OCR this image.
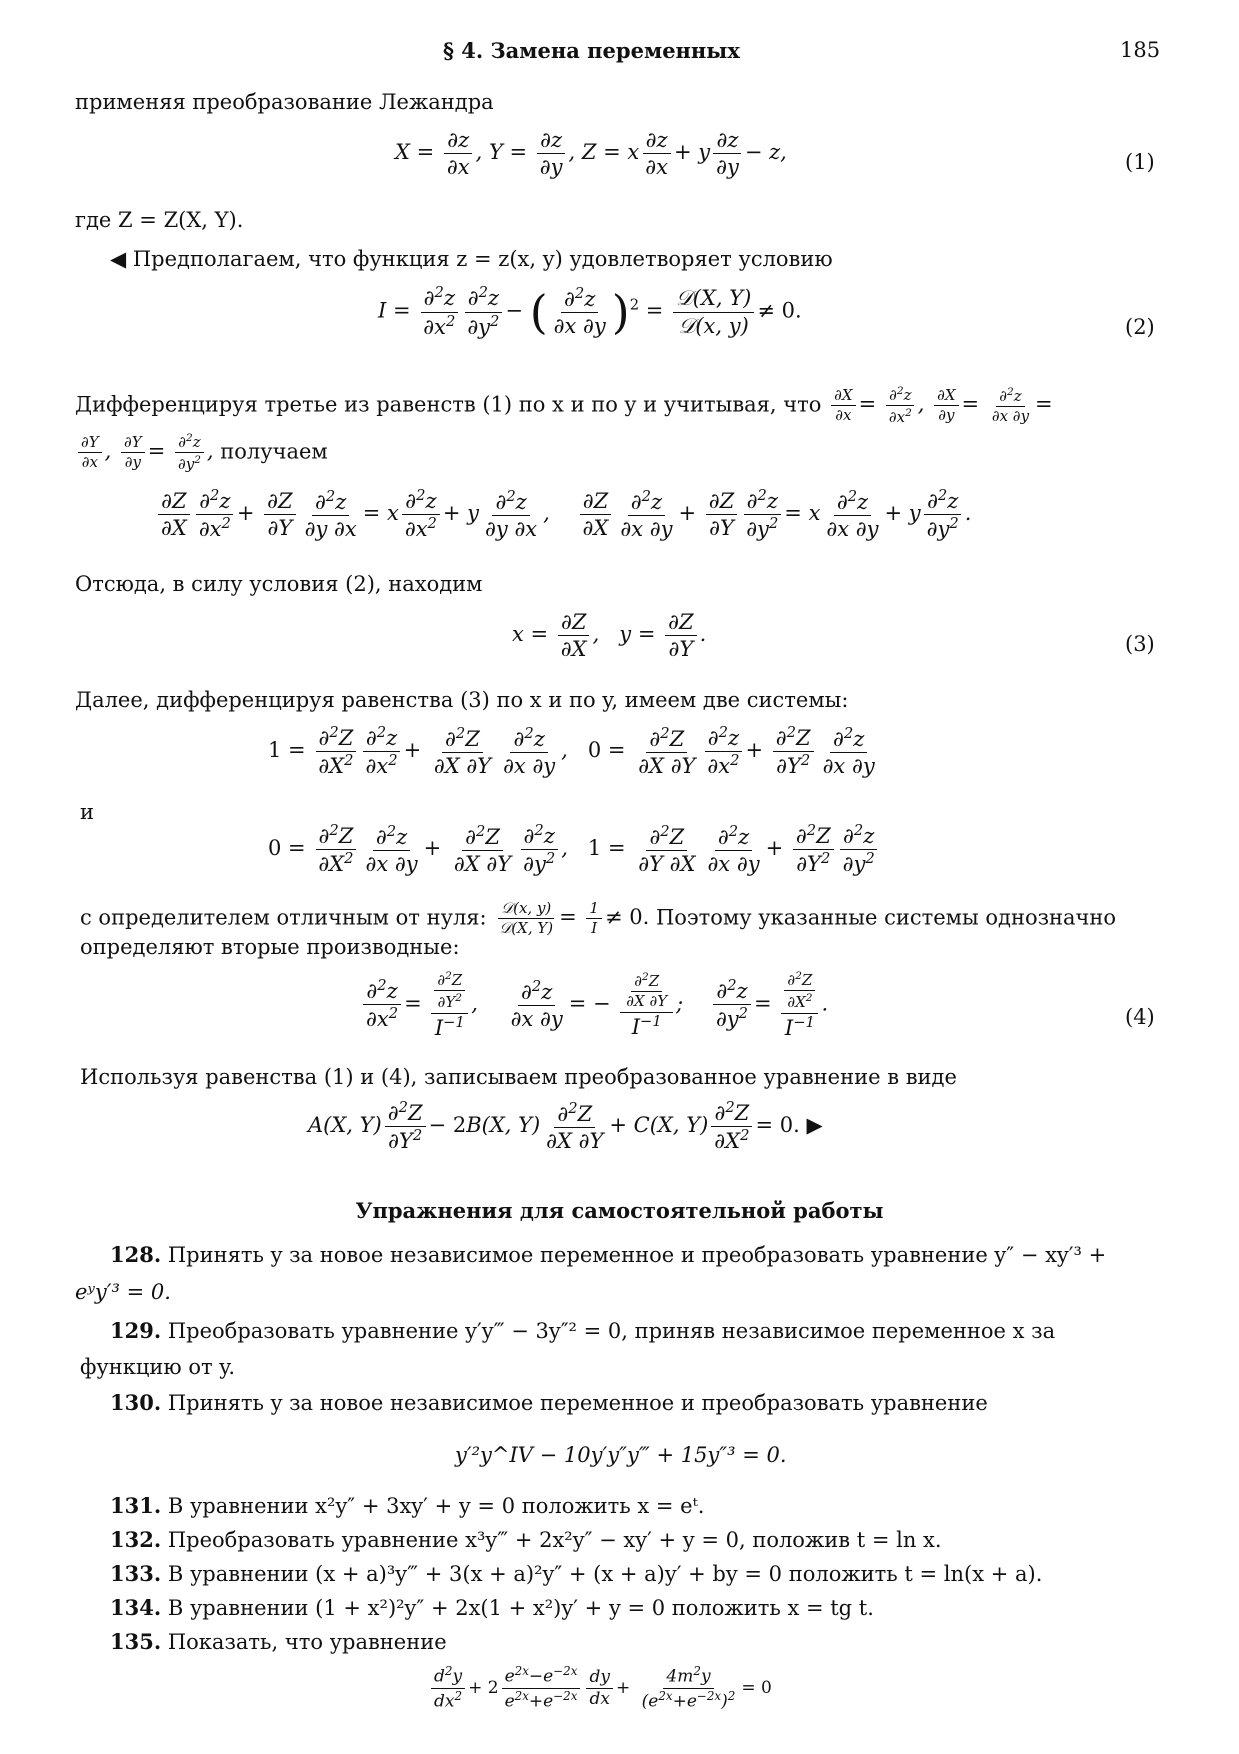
§ 4. Замена переменных	185
применяя преобразование Лежандра
$X = \frac{\partial z}{\partial x}$ , $Y = \frac{\partial z}{\partial y}$ , Z = x $\frac{\partial z}{\partial x} + y \frac{\partial z}{\partial y} - z$,	(1)
где Z = Z(X, Y).
◀ Предполагаем, что функция z = z(x, y) удовлетворяет условию
$I = \frac{\partial^2z}{\partial x^2} \frac{\partial^2z}{\partial y^2}$ − ( $\frac{\partial^2z}{\partial x \partial y} )^2 = \frac{\text{𝒟(X, Y)}}{\text{𝒟(x, y)}} \ne 0$.
(2)
Дифференцируя третье из равенств (1) по x и по y и учитывая, что $\frac{\partial X}{\partial x} = \frac{\partial^2z}{\partial x^2}$ , $\frac{\partial X}{\partial y} = \frac{\partial^2z}{\partial x \partial y}$ =
$\frac{\partial Y}{\partial x}$ , $\frac{\partial Y}{\partial y} = \frac{\partial^2z}{\partial y^2}$ , получаем
$\frac{\partial Z}{\partial X} \frac{\partial^2z}{\partial x^2} + \frac{\partial Z}{\partial Y} \frac{\partial^2z}{\partial y \partial x} = x \frac{\partial^2z}{\partial x^2} + y \frac{\partial^2z}{\partial y \partial x}$ , $\frac{\partial Z}{\partial X} \frac{\partial^2z}{\partial x \partial y} + \frac{\partial Z}{\partial Y} \frac{\partial^2z}{\partial y^2} = x \frac{\partial^2z}{\partial x \partial y} + y \frac{\partial^2z}{\partial y^2}$ .
Отсюда, в силу условия (2), находим
$x = \frac{\partial Z}{\partial X}$ ,   $y = \frac{\partial Z}{\partial Y}$ .	(3)
Далее, дифференцируя равенства (3) по x и по y, имеем две системы:
$1 = \frac{\partial^2Z}{\partial X^2} \frac{\partial^2z}{\partial x^2} + \frac{\partial^2Z}{\partial X \partial Y} \frac{\partial^2z}{\partial x \partial y}$ ,   $0 = \frac{\partial^2Z}{\partial X \partial Y} \frac{\partial^2z}{\partial x^2} + \frac{\partial^2Z}{\partial Y^2} \frac{\partial^2z}{\partial x \partial y}$
и
$0 = \frac{\partial^2Z}{\partial X^2} \frac{\partial^2z}{\partial x \partial y} + \frac{\partial^2Z}{\partial X \partial Y} \frac{\partial^2z}{\partial y^2}$ ,   $1 = \frac{\partial^2Z}{\partial Y \partial X} \frac{\partial^2z}{\partial x \partial y} + \frac{\partial^2Z}{\partial Y^2} \frac{\partial^2z}{\partial y^2}$
с определителем отличным от нуля: $\frac{\text{𝒟(x, y)}}{\text{𝒟(X, Y)}} = \frac{1}{I} \ne 0$. Поэтому указанные системы однозначно
определяют вторые производные:
$\frac{\partial^2z}{\partial x^2} = \frac{\frac{\partial^2Z}{\partial Y^2}}{I^{-1}}$ , $\frac{\partial^2z}{\partial x \partial y}$ = − $\frac{\frac{\partial^2Z}{\partial X \partial Y}}{I^{-1}}$ ; $\frac{\partial^2z}{\partial y^2} = \frac{\frac{\partial^2Z}{\partial X^2}}{I^{-1}}$ .
(4)
Используя равенства (1) и (4), записываем преобразованное уравнение в виде
A(X, $Y) \frac{\partial^2Z}{\partial Y^2} - 2B(X$, $Y) \frac{\partial^2Z}{\partial X \partial Y} + C(X$, $Y) \frac{\partial^2Z}{\partial X^2} = 0$. ▶
Упражнения для самостоятельной работы
128. Принять y за новое независимое переменное и преобразовать уравнение y″ − xy′³ +
eʸy′³ = 0.
129. Преобразовать уравнение y′y‴ − 3y″² = 0, приняв независимое переменное x за
функцию от y.
130. Принять y за новое независимое переменное и преобразовать уравнение
y′²y^IV − 10y′y″y‴ + 15y″³ = 0.
131. В уравнении x²y″ + 3xy′ + y = 0 положить x = eᵗ.
132. Преобразовать уравнение x³y‴ + 2x²y″ − xy′ + y = 0, положив t = ln x.
133. В уравнении (x + a)³y‴ + 3(x + a)²y″ + (x + a)y′ + by = 0 положить t = ln(x + a).
134. В уравнении (1 + x²)²y″ + 2x(1 + x²)y′ + y = 0 положить x = tg t.
135. Показать, что уравнение
$\frac{d^2y}{dx^2} + 2 \frac{e^{2x}-e^{-2x}}{e^{2x}+e^{-2x}} \frac{dy}{dx} + \frac{4m^2y}{(e^{2x}+e^{-2x})^2} = 0$
